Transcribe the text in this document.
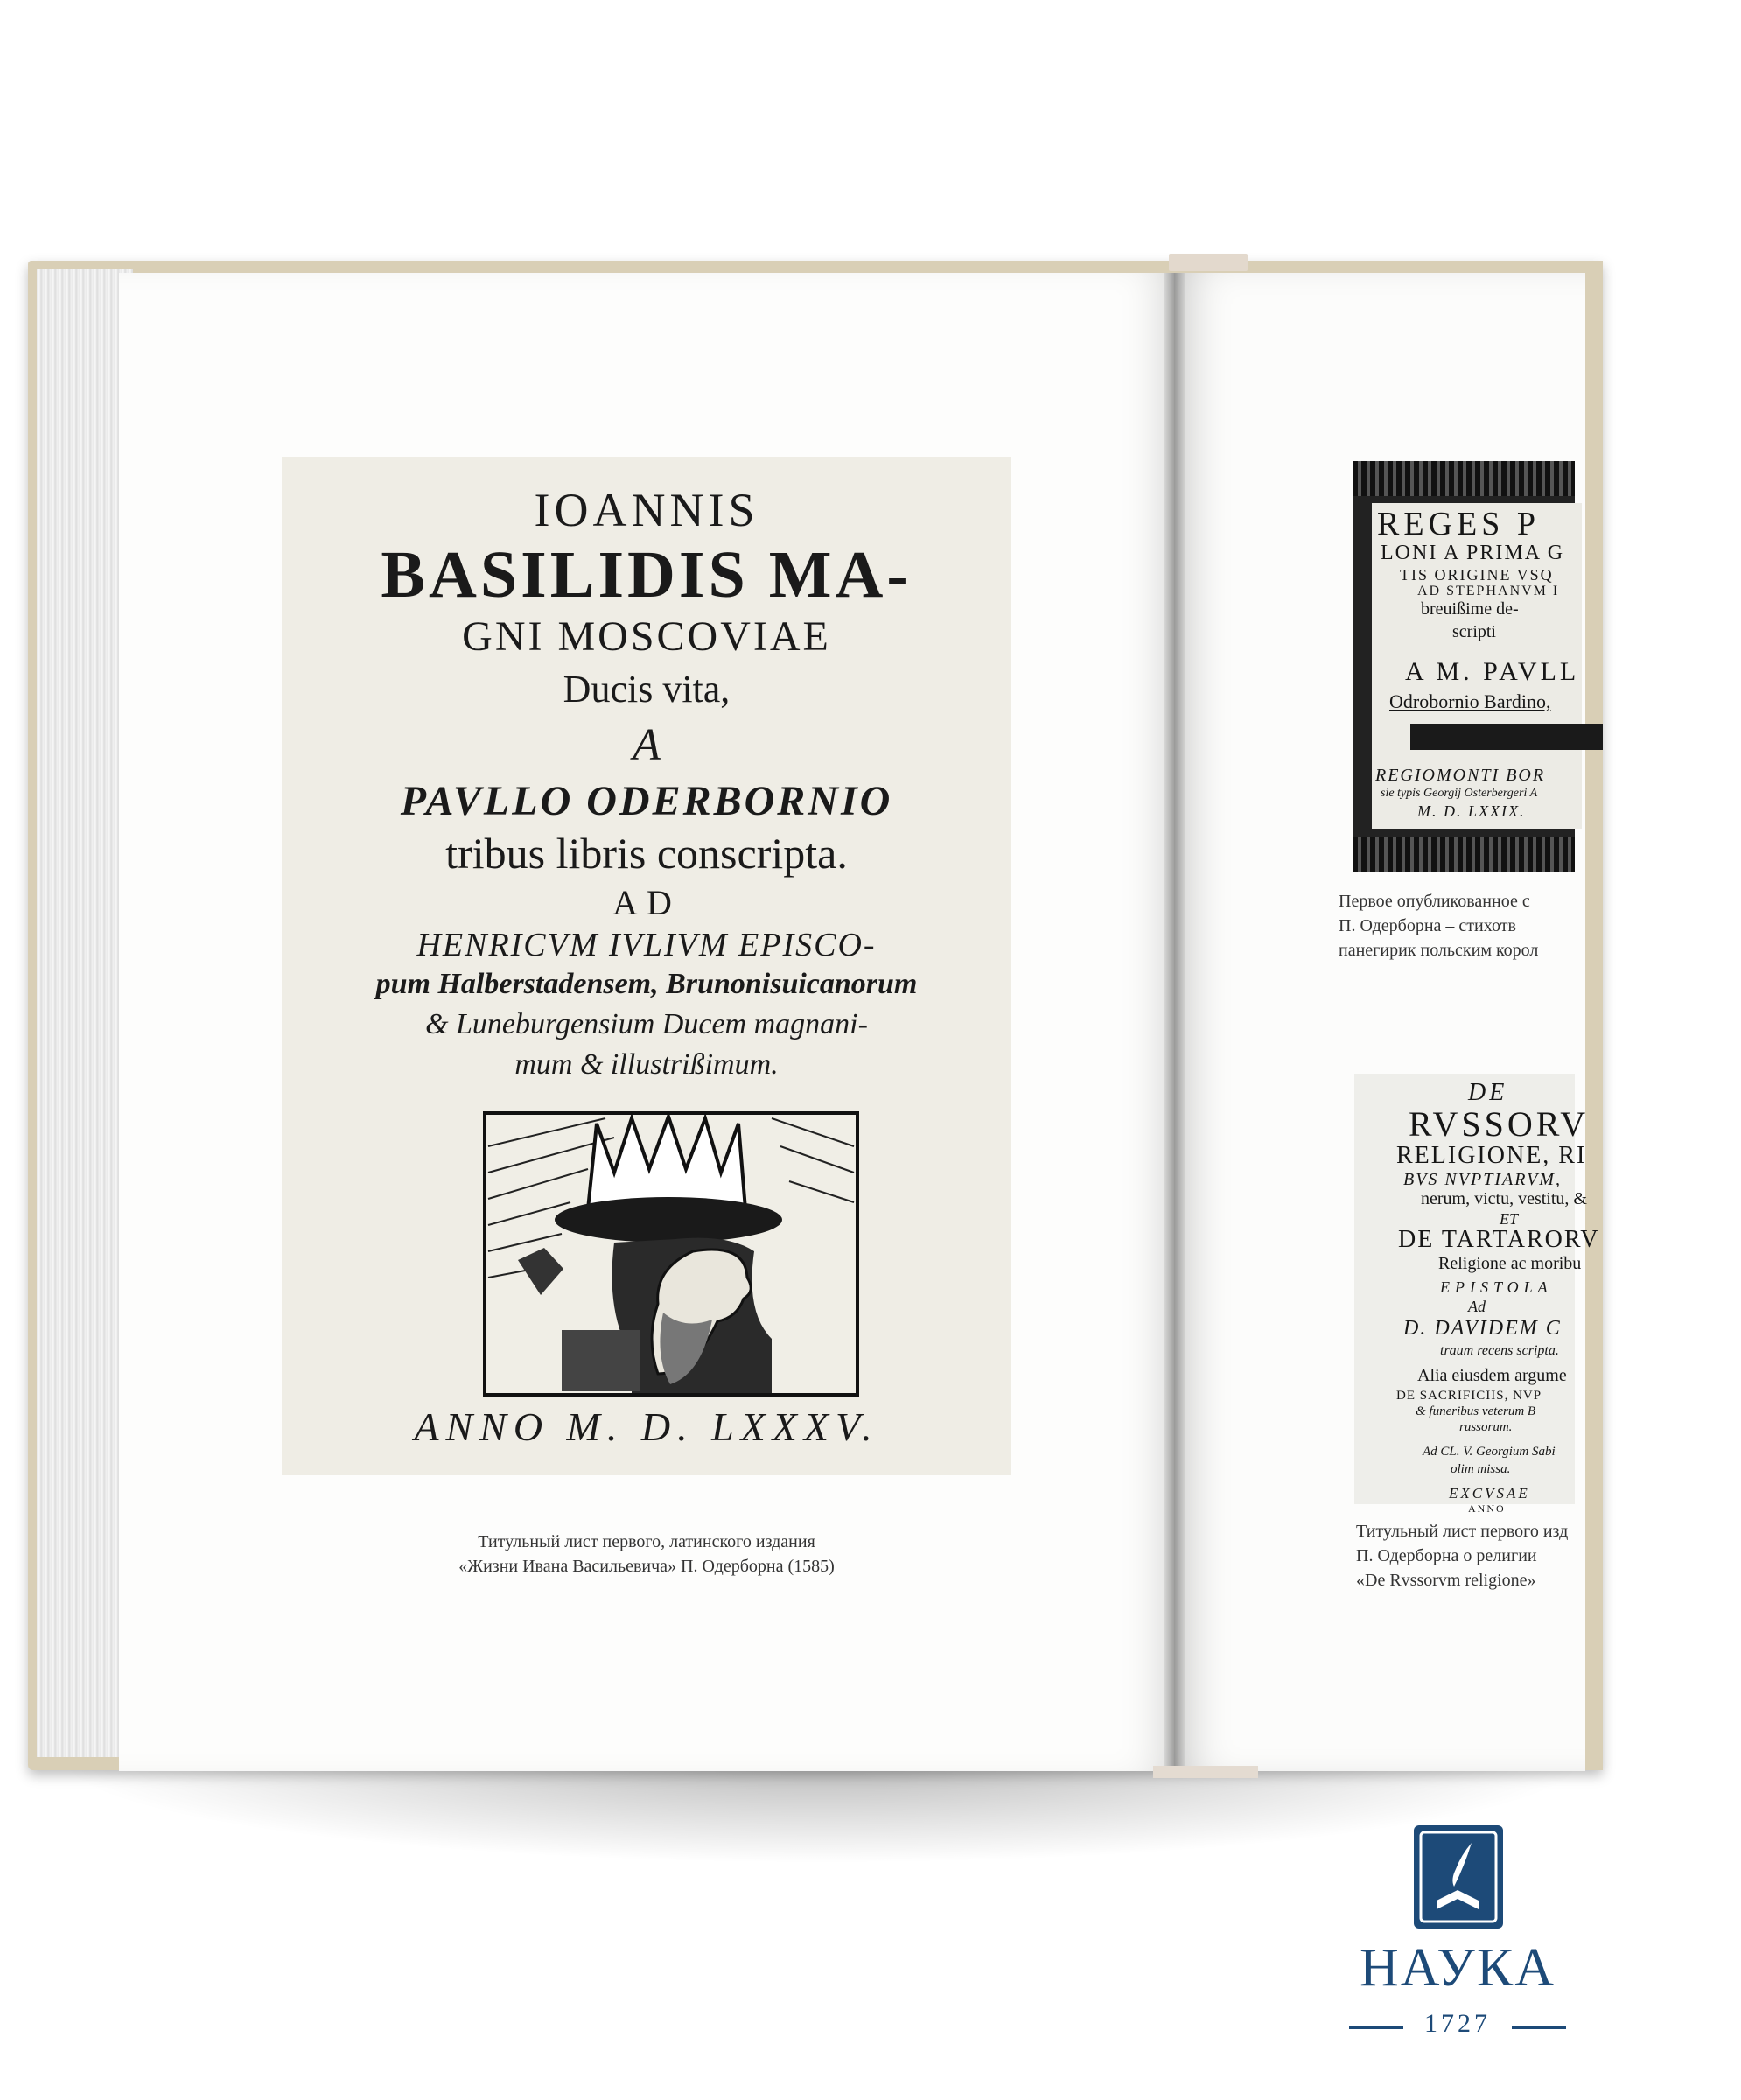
IOANNIS
BASILIDIS MA-
GNI MOSCOVIAE
Ducis vita,
A
PAVLLO ODERBORNIO
tribus libris conscripta.
AD
HENRICVM IVLIVM EPISCO-
pum Halberstadensem, Brunonisuicanorum
& Luneburgensium Ducem magnani-
mum & illustrißimum.
ANNO M. D. LXXXV.
Титульный лист первого, латинского издания
«Жизни Ивана Васильевича» П. Одерборна (1585)
REGES P
LONI A PRIMA G
TIS ORIGINE VSQ
AD STEPHANVM I
breuißime de-
scripti
A M. PAVLL
Odrobornio Bardino,
REGIOMONTI BOR
sie typis Georgij Osterbergeri A
M. D. LXXIX.
Первое опубликованное с
П. Одерборна – стихотв
панегирик польским корол
DE
RVSSORV
RELIGIONE, RI
BVS NVPTIARVM,
nerum, victu, vestitu, &
ET
DE TARTARORV
Religione ac moribu
EPISTOLA
Ad
D. DAVIDEM C
traum recens scripta.
Alia eiusdem argume
DE SACRIFICIIS, NVP
& funeribus veterum B
russorum.
Ad CL. V. Georgium Sabi
olim missa.
EXCVSAE
ANNO
Титульный лист первого изд
П. Одерборна о религии
«De Rvssorvm religione»
НАУКА
1727
